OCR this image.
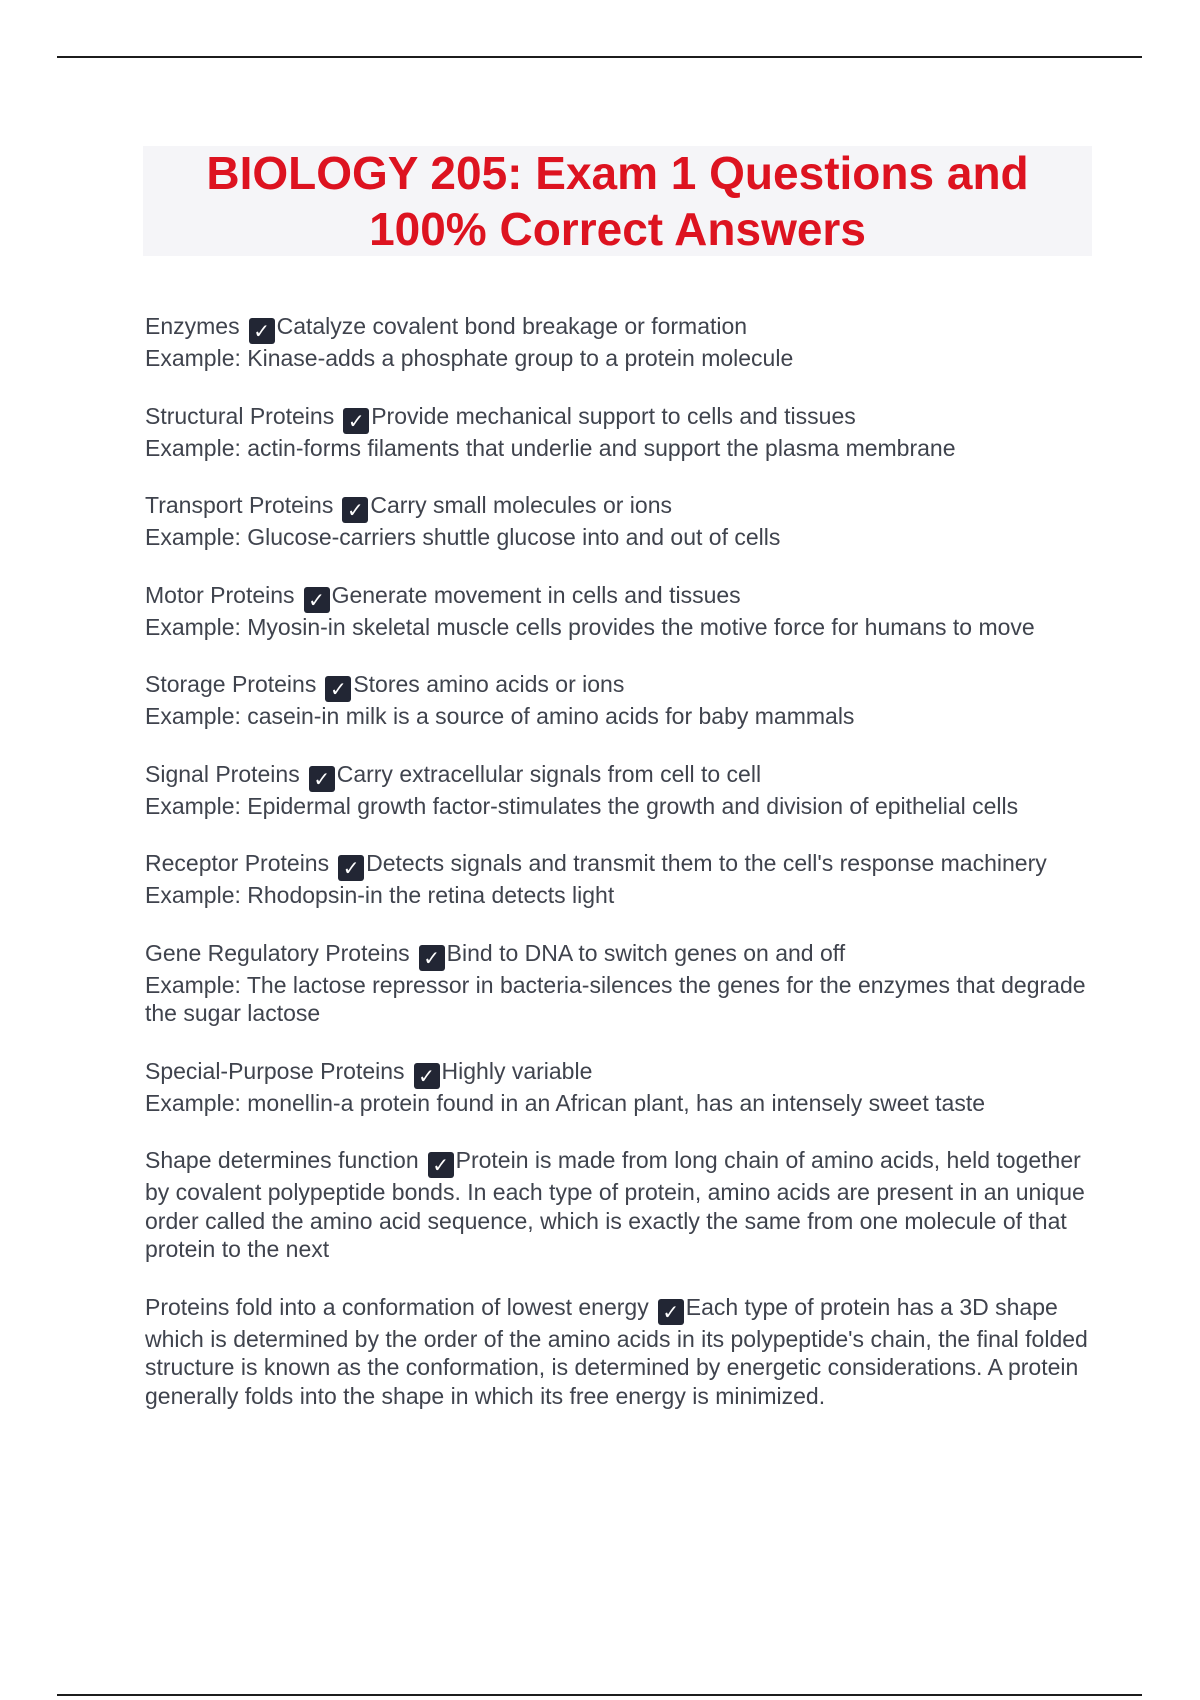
BIOLOGY 205: Exam 1 Questions and
100% Correct Answers
Enzymes ✓ Catalyze covalent bond breakage or formation
Example: Kinase-adds a phosphate group to a protein molecule
Structural Proteins ✓ Provide mechanical support to cells and tissues
Example: actin-forms filaments that underlie and support the plasma membrane
Transport Proteins ✓ Carry small molecules or ions
Example: Glucose-carriers shuttle glucose into and out of cells
Motor Proteins ✓ Generate movement in cells and tissues
Example: Myosin-in skeletal muscle cells provides the motive force for humans to move
Storage Proteins ✓ Stores amino acids or ions
Example: casein-in milk is a source of amino acids for baby mammals
Signal Proteins ✓ Carry extracellular signals from cell to cell
Example: Epidermal growth factor-stimulates the growth and division of epithelial cells
Receptor Proteins ✓ Detects signals and transmit them to the cell's response machinery
Example: Rhodopsin-in the retina detects light
Gene Regulatory Proteins ✓ Bind to DNA to switch genes on and off
Example: The lactose repressor in bacteria-silences the genes for the enzymes that degrade the sugar lactose
Special-Purpose Proteins ✓ Highly variable
Example: monellin-a protein found in an African plant, has an intensely sweet taste
Shape determines function ✓ Protein is made from long chain of amino acids, held together by covalent polypeptide bonds. In each type of protein, amino acids are present in an unique order called the amino acid sequence, which is exactly the same from one molecule of that protein to the next
Proteins fold into a conformation of lowest energy ✓ Each type of protein has a 3D shape which is determined by the order of the amino acids in its polypeptide's chain, the final folded structure is known as the conformation, is determined by energetic considerations. A protein generally folds into the shape in which its free energy is minimized.
